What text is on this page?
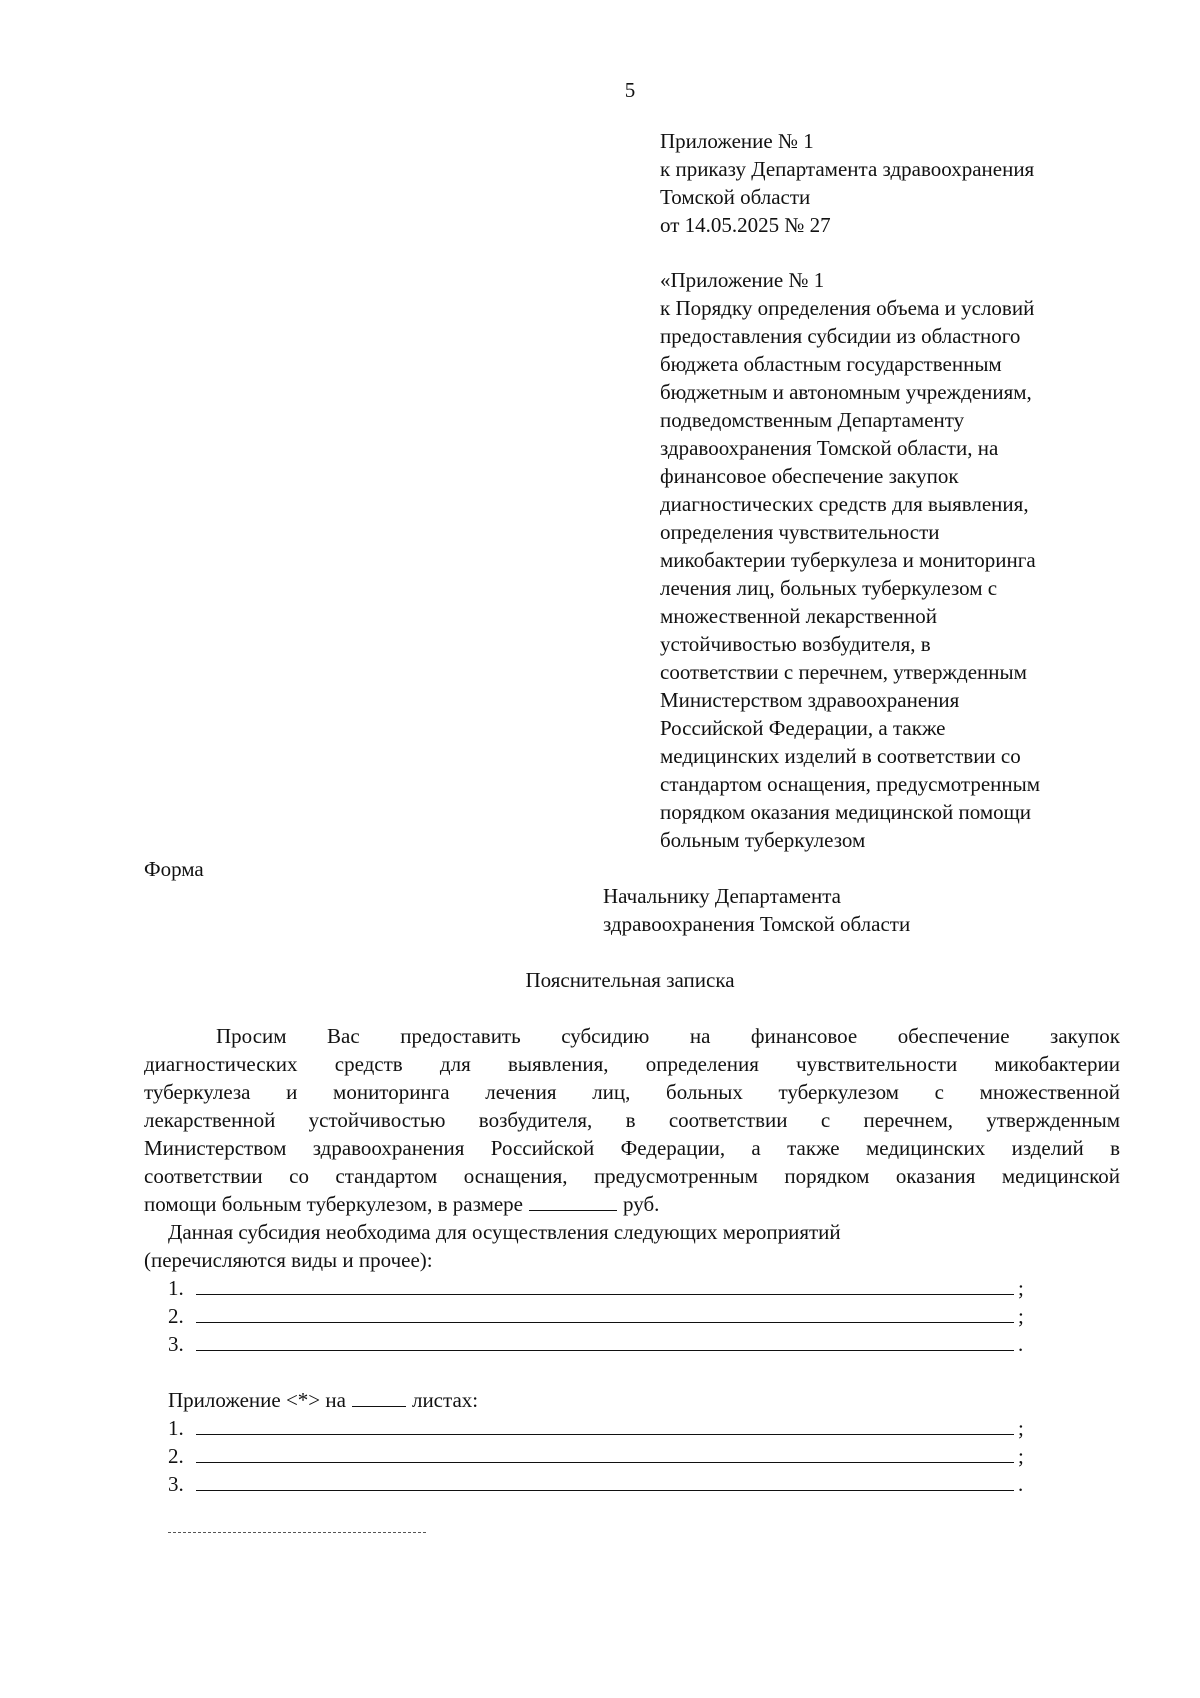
5
Приложение № 1
к приказу Департамента здравоохранения
Томской области
от 14.05.2025 № 27
«Приложение № 1
к Порядку определения объема и условий
предоставления субсидии из областного
бюджета областным государственным
бюджетным и автономным учреждениям,
подведомственным Департаменту
здравоохранения Томской области, на
финансовое обеспечение закупок
диагностических средств для выявления,
определения чувствительности
микобактерии туберкулеза и мониторинга
лечения лиц, больных туберкулезом с
множественной лекарственной
устойчивостью возбудителя, в
соответствии с перечнем, утвержденным
Министерством здравоохранения
Российской Федерации, а также
медицинских изделий в соответствии со
стандартом оснащения, предусмотренным
порядком оказания медицинской помощи
больным туберкулезом
Форма
Начальнику Департамента
здравоохранения Томской области
Пояснительная записка
Просим Вас предоставить субсидию на финансовое обеспечение закупок
диагностических средств для выявления, определения чувствительности микобактерии
туберкулеза и мониторинга лечения лиц, больных туберкулезом с множественной
лекарственной устойчивостью возбудителя, в соответствии с перечнем, утвержденным
Министерством здравоохранения Российской Федерации, а также медицинских изделий в
соответствии со стандартом оснащения, предусмотренным порядком оказания медицинской
помощи больным туберкулезом, в размере	руб.
Данная субсидия необходима для осуществления следующих мероприятий
(перечисляются виды и прочее):
1.	;
2.	;
3.	.
Приложение <*> на	листах:
1.	;
2.	;
3.	.
